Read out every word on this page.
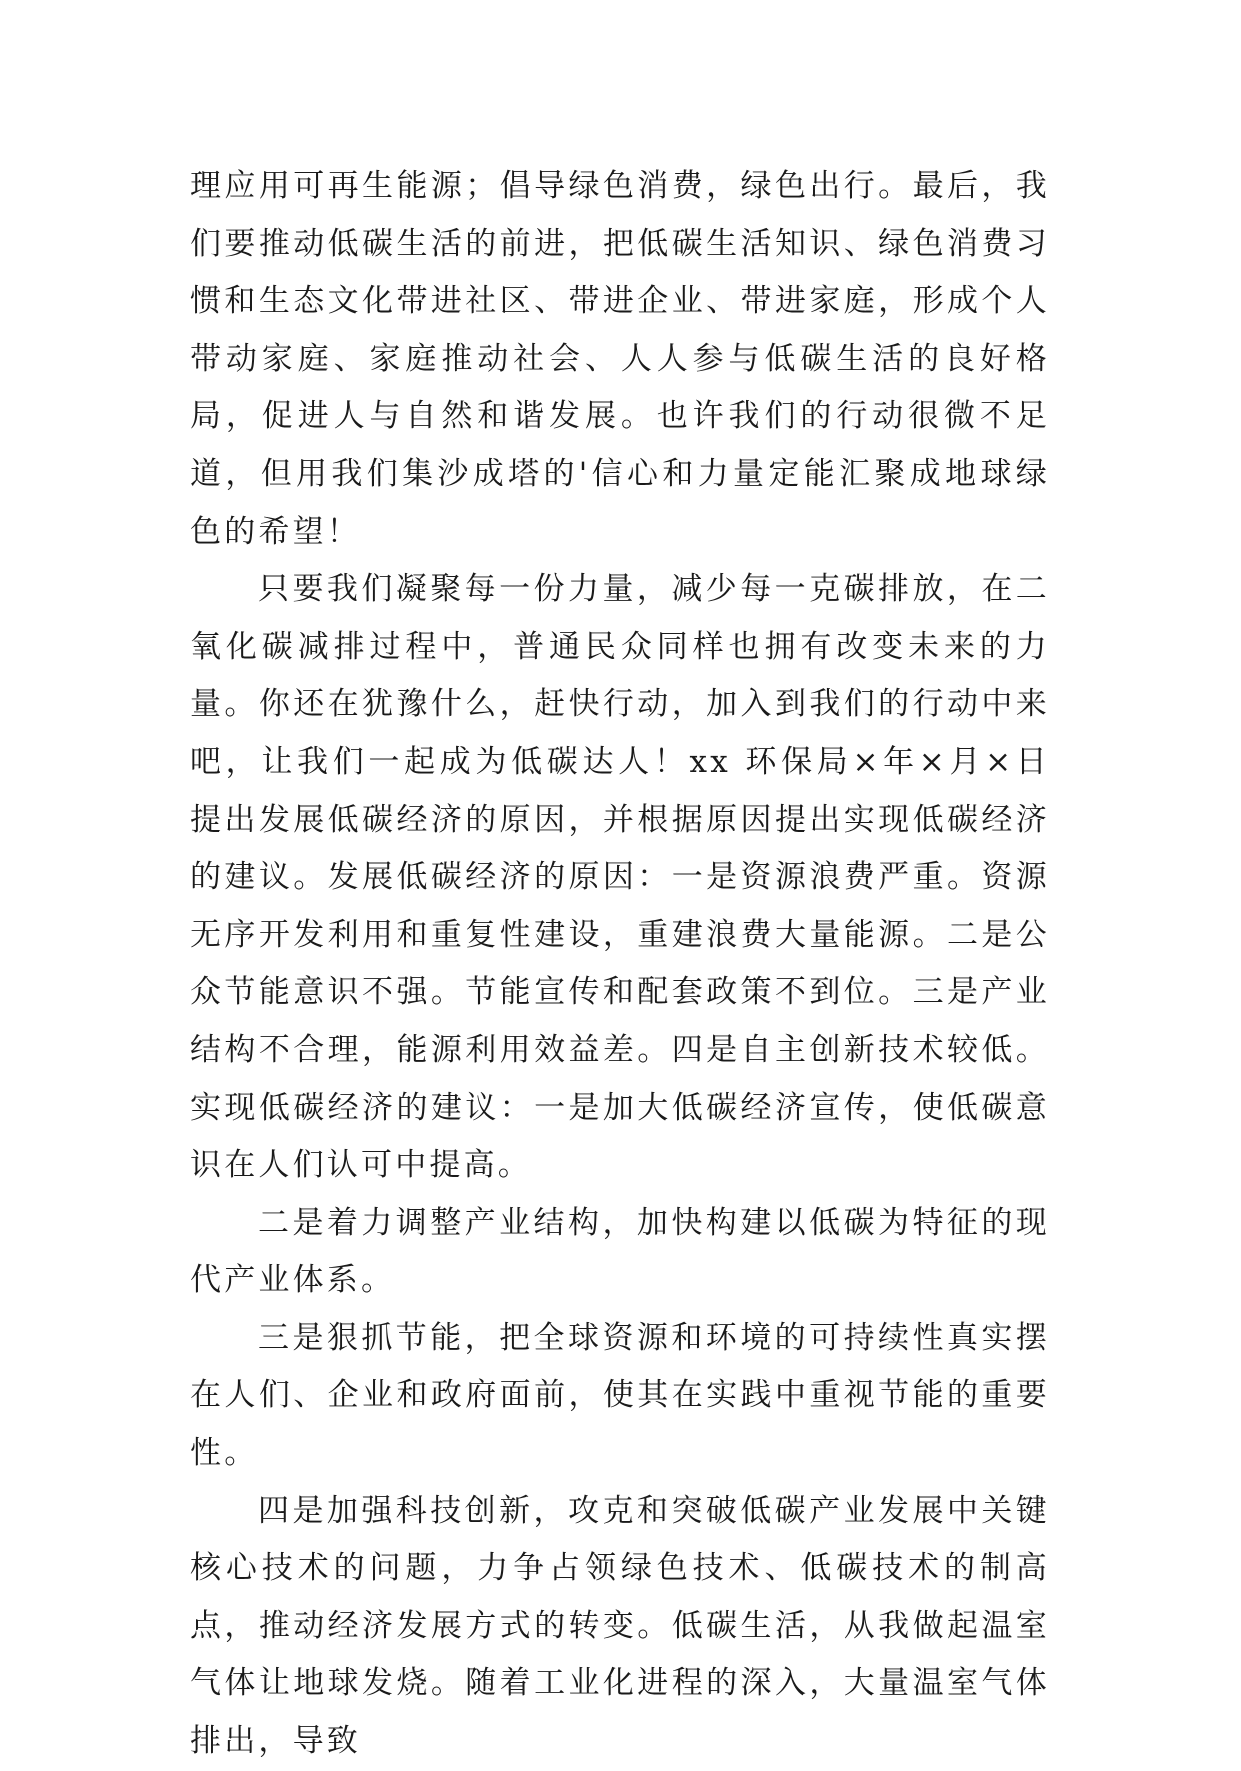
理应用可再生能源；倡导绿色消费，绿色出行。最后，我们要推动低碳生活的前进，把低碳生活知识、绿色消费习惯和生态文化带进社区、带进企业、带进家庭，形成个人带动家庭、家庭推动社会、人人参与低碳生活的良好格局，促进人与自然和谐发展。也许我们的行动很微不足道，但用我们集沙成塔的'信心和力量定能汇聚成地球绿色的希望！

只要我们凝聚每一份力量，减少每一克碳排放，在二氧化碳减排过程中，普通民众同样也拥有改变未来的力量。你还在犹豫什么，赶快行动，加入到我们的行动中来吧，让我们一起成为低碳达人！xx 环保局×年×月×日提出发展低碳经济的原因，并根据原因提出实现低碳经济的建议。发展低碳经济的原因：一是资源浪费严重。资源无序开发利用和重复性建设，重建浪费大量能源。二是公众节能意识不强。节能宣传和配套政策不到位。三是产业结构不合理，能源利用效益差。四是自主创新技术较低。实现低碳经济的建议：一是加大低碳经济宣传，使低碳意识在人们认可中提高。

二是着力调整产业结构，加快构建以低碳为特征的现代产业体系。

三是狠抓节能，把全球资源和环境的可持续性真实摆在人们、企业和政府面前，使其在实践中重视节能的重要性。

四是加强科技创新，攻克和突破低碳产业发展中关键核心技术的问题，力争占领绿色技术、低碳技术的制高点，推动经济发展方式的转变。低碳生活，从我做起温室气体让地球发烧。随着工业化进程的深入，大量温室气体排出，导致
